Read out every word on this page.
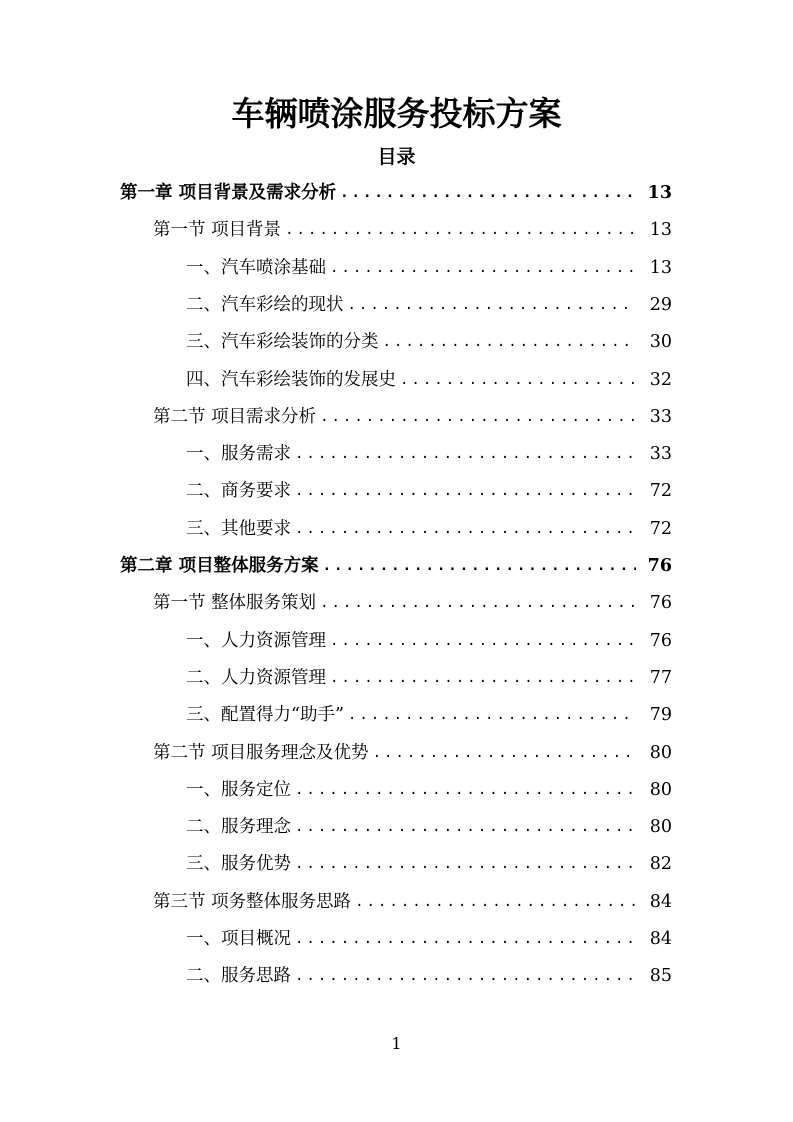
车辆喷涂服务投标方案
目录
第一章 项目背景及需求分析 .....	13
第一节 项目背景 .....	13
一、汽车喷涂基础 .....	13
二、汽车彩绘的现状 .....	29
三、汽车彩绘装饰的分类 .....	30
四、汽车彩绘装饰的发展史 .....	32
第二节 项目需求分析 .....	33
一、服务需求 .....	33
二、商务要求 .....	72
三、其他要求 .....	72
第二章 项目整体服务方案 .....	76
第一节 整体服务策划 .....	76
一、人力资源管理 .....	76
二、人力资源管理 .....	77
三、配置得力“助手” .....	79
第二节 项目服务理念及优势 .....	80
一、服务定位 .....	80
二、服务理念 .....	80
三、服务优势 .....	82
第三节 项务整体服务思路 .....	84
一、项目概况 .....	84
二、服务思路 .....	85
1
